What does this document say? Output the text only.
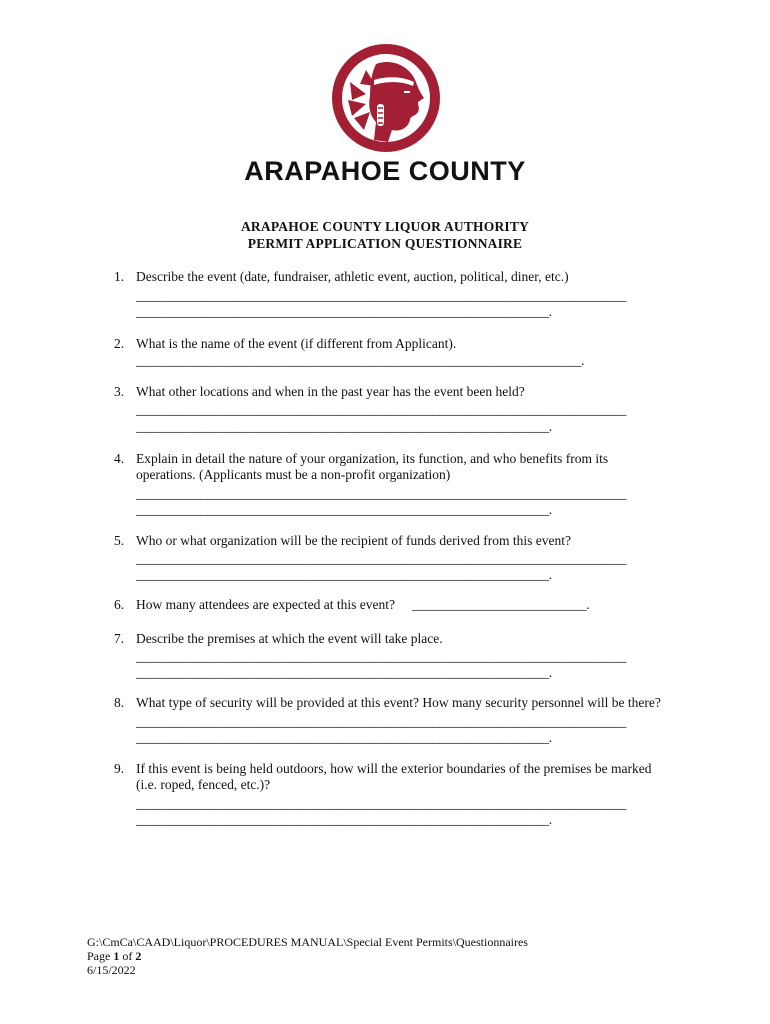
ARAPAHOE COUNTY
ARAPAHOE COUNTY LIQUOR AUTHORITY
PERMIT APPLICATION QUESTIONNAIRE
1. Describe the event (date, fundraiser, athletic event, auction, political, diner, etc.)
____________________________________________________________________________
________________________________________________________________.
2. What is the name of the event (if different from Applicant).
_____________________________________________________________________.
3. What other locations and when in the past year has the event been held?
____________________________________________________________________________
________________________________________________________________.
4. Explain in detail the nature of your organization, its function, and who benefits from its
operations. (Applicants must be a non-profit organization)
____________________________________________________________________________
________________________________________________________________.
5. Who or what organization will be the recipient of funds derived from this event?
____________________________________________________________________________
________________________________________________________________.
6. How many attendees are expected at this event? ___________________________.
7. Describe the premises at which the event will take place.
____________________________________________________________________________
________________________________________________________________.
8. What type of security will be provided at this event? How many security personnel will be there?
____________________________________________________________________________
________________________________________________________________.
9. If this event is being held outdoors, how will the exterior boundaries of the premises be marked
(i.e. roped, fenced, etc.)?
____________________________________________________________________________
________________________________________________________________.
G:\CmCa\CAAD\Liquor\PROCEDURES MANUAL\Special Event Permits\Questionnaires
Page 1 of 2
6/15/2022
